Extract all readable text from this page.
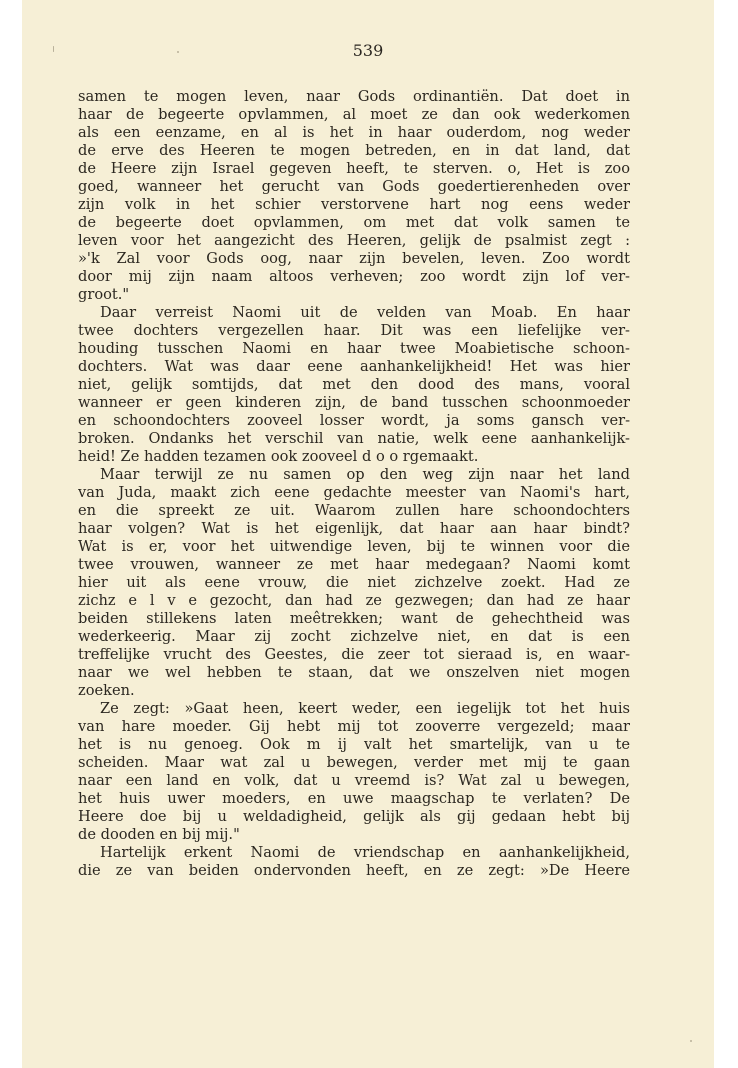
539

samen te mogen leven, naar Gods ordinantiën. Dat doet in
haar de begeerte opvlammen, al moet ze dan ook wederkomen
als een eenzame, en al is het in haar ouderdom, nog weder
de erve des Heeren te mogen betreden, en in dat land, dat
de Heere zijn Israel gegeven heeft, te sterven. o, Het is zoo
goed, wanneer het gerucht van Gods goedertierenheden over
zijn volk in het schier verstorvene hart nog eens weder
de begeerte doet opvlammen, om met dat volk samen te
leven voor het aangezicht des Heeren, gelijk de psalmist zegt :
»'k Zal voor Gods oog, naar zijn bevelen, leven. Zoo wordt
door mij zijn naam altoos verheven; zoo wordt zijn lof ver-
groot."
Daar verreist Naomi uit de velden van Moab. En haar
twee dochters vergezellen haar. Dit was een liefelijke ver-
houding tusschen Naomi en haar twee Moabietische schoon-
dochters. Wat was daar eene aanhankelijkheid! Het was hier
niet, gelijk somtijds, dat met den dood des mans, vooral
wanneer er geen kinderen zijn, de band tusschen schoonmoeder
en schoondochters zooveel losser wordt, ja soms gansch ver-
broken. Ondanks het verschil van natie, welk eene aanhankelijk-
heid! Ze hadden tezamen ook zooveel d o o rgemaakt.
Maar terwijl ze nu samen op den weg zijn naar het land
van Juda, maakt zich eene gedachte meester van Naomi's hart,
en die spreekt ze uit. Waarom zullen hare schoondochters
haar volgen? Wat is het eigenlijk, dat haar aan haar bindt?
Wat is er, voor het uitwendige leven, bij te winnen voor die
twee vrouwen, wanneer ze met haar medegaan? Naomi komt
hier uit als eene vrouw, die niet zichzelve zoekt. Had ze
zichz e l v e gezocht, dan had ze gezwegen; dan had ze haar
beiden stillekens laten meêtrekken; want de gehechtheid was
wederkeerig. Maar zij zocht zichzelve niet, en dat is een
treffelijke vrucht des Geestes, die zeer tot sieraad is, en waar-
naar we wel hebben te staan, dat we onszelven niet mogen
zoeken.
Ze zegt: »Gaat heen, keert weder, een iegelijk tot het huis
van hare moeder. Gij hebt mij tot zooverre vergezeld; maar
het is nu genoeg. Ook m ij valt het smartelijk, van u te
scheiden. Maar wat zal u bewegen, verder met mij te gaan
naar een land en volk, dat u vreemd is? Wat zal u bewegen,
het huis uwer moeders, en uwe maagschap te verlaten? De
Heere doe bij u weldadigheid, gelijk als gij gedaan hebt bij
de dooden en bij mij."
Hartelijk erkent Naomi de vriendschap en aanhankelijkheid,
die ze van beiden ondervonden heeft, en ze zegt: »De Heere
